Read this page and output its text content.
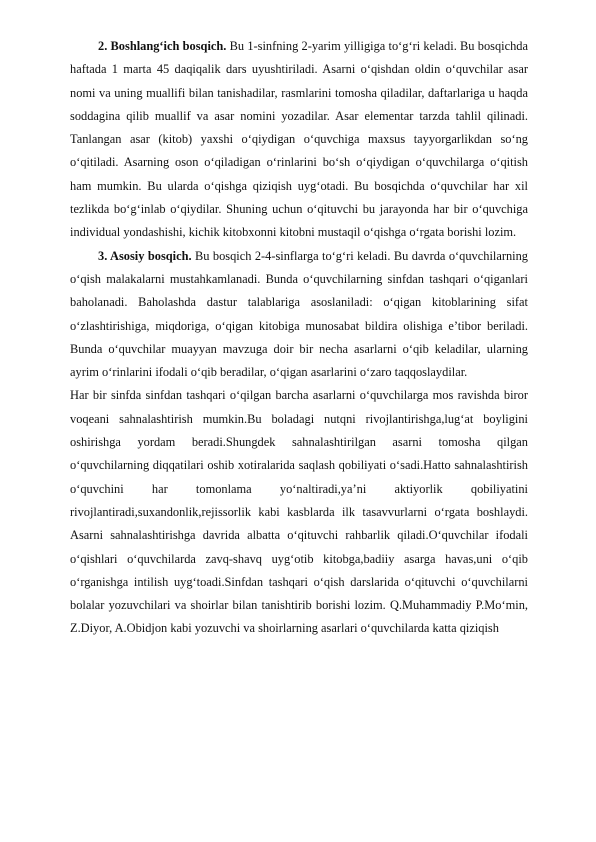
2. Boshlang‘ich bosqich. Bu 1-sinfning 2-yarim yilligiga to‘g‘ri keladi. Bu bosqichda haftada 1 marta 45 daqiqalik dars uyushtiriladi. Asarni o‘qishdan oldin o‘quvchilar asar nomi va uning muallifi bilan tanishadilar, rasmlarini tomosha qiladilar, daftarlariga u haqda soddagina qilib muallif va asar nomini yozadilar. Asar elementar tarzda tahlil qilinadi. Tanlangan asar (kitob) yaxshi o‘qiydigan o‘quvchiga maxsus tayyorgarlikdan so‘ng o‘qitiladi. Asarning oson o‘qiladigan o‘rinlarini bo‘sh o‘qiydigan o‘quvchilarga o‘qitish ham mumkin. Bu ularda o‘qishga qiziqish uyg‘otadi. Bu bosqichda o‘quvchilar har xil tezlikda bo‘g‘inlab o‘qiydilar. Shuning uchun o‘qituvchi bu jarayonda har bir o‘quvchiga individual yondashishi, kichik kitobxonni kitobni mustaqil o‘qishga o‘rgata borishi lozim.

3. Asosiy bosqich. Bu bosqich 2-4-sinflarga to‘g‘ri keladi. Bu davrda o‘quvchilarning o‘qish malakalarni mustahkamlanadi. Bunda o‘quvchilarning sinfdan tashqari o‘qiganlari baholanadi. Baholashda dastur talablariga asoslaniladi: o‘qigan kitoblarining sifat o‘zlashtirishiga, miqdoriga, o‘qigan kitobiga munosabat bildira olishiga e’tibor beriladi. Bunda o‘quvchilar muayyan mavzuga doir bir necha asarlarni o‘qib keladilar, ularning ayrim o‘rinlarini ifodali o‘qib beradilar, o‘qigan asarlarini o‘zaro taqqoslaydilar.

Har bir sinfda sinfdan tashqari o‘qilgan barcha asarlarni o‘quvchilarga mos ravishda biror voqeani sahnalashtirish mumkin.Bu boladagi nutqni rivojlantirishga,lug‘at boyligini oshirishga yordam beradi.Shungdek sahnalashtirilgan asarni tomosha qilgan o‘quvchilarning diqqatilari oshib xotiralarida saqlash qobiliyati o‘sadi.Hatto sahnalashtirish o‘quvchini har tomonlama yo‘naltiradi,ya’ni aktiyorlik qobiliyatini rivojlantiradi,suxandonlik,rejissorlik kabi kasblarda ilk tasavvurlarni o‘rgata boshlaydi. Asarni sahnalashtirishga davrida albatta o‘qituvchi rahbarlik qiladi.O‘quvchilar ifodali o‘qishlari o‘quvchilarda zavq-shavq uyg‘otib kitobga,badiiy asarga havas,uni o‘qib o‘rganishga intilish uyg‘toadi.Sinfdan tashqari o‘qish darslarida o‘qituvchi o‘quvchilarni bolalar yozuvchilari va shoirlar bilan tanishtirib borishi lozim. Q.Muhammadiy P.Mo‘min, Z.Diyor, A.Obidjon kabi yozuvchi va shoirlarning asarlari o‘quvchilarda katta qiziqish
